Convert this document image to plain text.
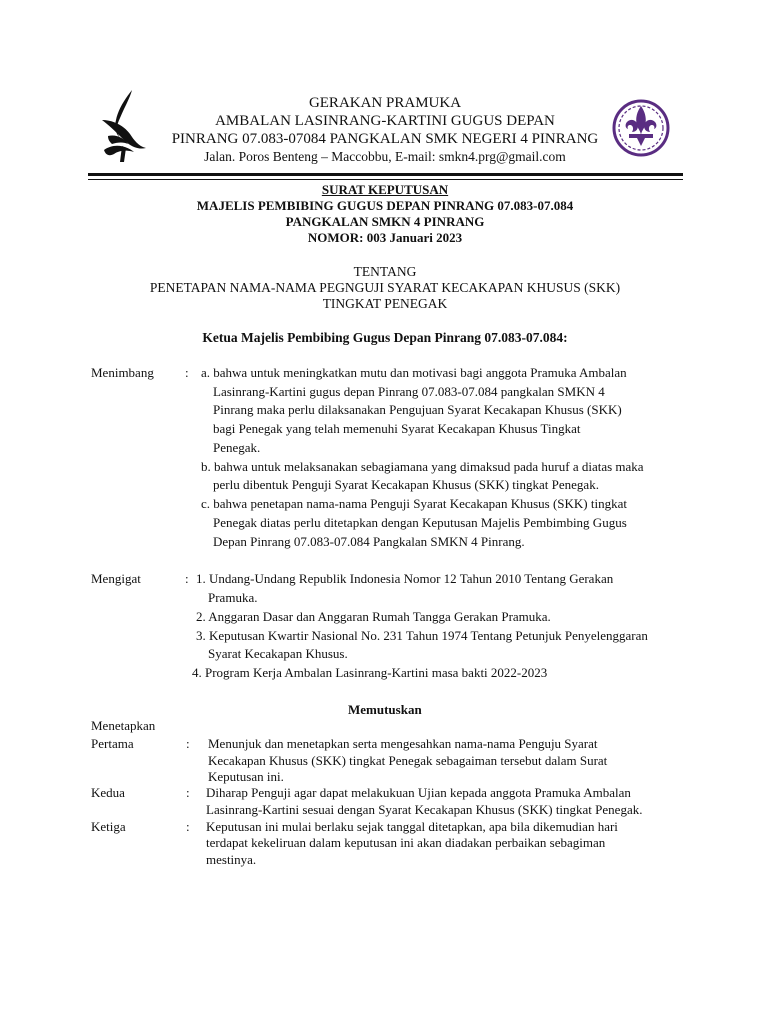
GERAKAN PRAMUKA
AMBALAN LASINRANG-KARTINI GUGUS DEPAN
PINRANG 07.083-07084 PANGKALAN SMK NEGERI 4 PINRANG
Jalan. Poros Benteng – Maccobbu, E-mail: smkn4.prg@gmail.com
SURAT KEPUTUSAN
MAJELIS PEMBIBING GUGUS DEPAN PINRANG 07.083-07.084
PANGKALAN SMKN 4 PINRANG
NOMOR: 003 Januari 2023
TENTANG
PENETAPAN NAMA-NAMA PEGNGUJI SYARAT KECAKAPAN KHUSUS (SKK)
TINGKAT PENEGAK
Ketua Majelis Pembibing Gugus Depan Pinrang 07.083-07.084:
Menimbang : a. bahwa untuk meningkatkan mutu dan motivasi bagi anggota Pramuka Ambalan
Lasinrang-Kartini gugus depan Pinrang 07.083-07.084 pangkalan SMKN 4
Pinrang maka perlu dilaksanakan Pengujuan Syarat Kecakapan Khusus (SKK)
bagi Penegak yang telah memenuhi Syarat Kecakapan Khusus Tingkat
Penegak.
b. bahwa untuk melaksanakan sebagiamana yang dimaksud pada huruf a diatas maka
perlu dibentuk Penguji Syarat Kecakapan Khusus (SKK) tingkat Penegak.
c. bahwa penetapan nama-nama Penguji Syarat Kecakapan Khusus (SKK) tingkat
Penegak diatas perlu ditetapkan dengan Keputusan Majelis Pembimbing Gugus
Depan Pinrang 07.083-07.084 Pangkalan SMKN 4 Pinrang.
Mengigat	: 1. Undang-Undang Republik Indonesia Nomor 12 Tahun 2010 Tentang Gerakan
Pramuka.
2. Anggaran Dasar dan Anggaran Rumah Tangga Gerakan Pramuka.
3. Keputusan Kwartir Nasional No. 231 Tahun 1974 Tentang Petunjuk Penyelenggaran
Syarat Kecakapan Khusus.
4. Program Kerja Ambalan Lasinrang-Kartini masa bakti 2022-2023
Memutuskan
Menetapkan
Pertama	: Menunjuk dan menetapkan serta mengesahkan nama-nama Penguju Syarat
Kecakapan Khusus (SKK) tingkat Penegak sebagaiman tersebut dalam Surat
Keputusan ini.
Kedua	: Diharap Penguji agar dapat melakukuan Ujian kepada anggota Pramuka Ambalan
Lasinrang-Kartini sesuai dengan Syarat Kecakapan Khusus (SKK) tingkat Penegak.
Ketiga	: Keputusan ini mulai berlaku sejak tanggal ditetapkan, apa bila dikemudian hari
terdapat kekeliruan dalam keputusan ini akan diadakan perbaikan sebagiman
mestinya.
